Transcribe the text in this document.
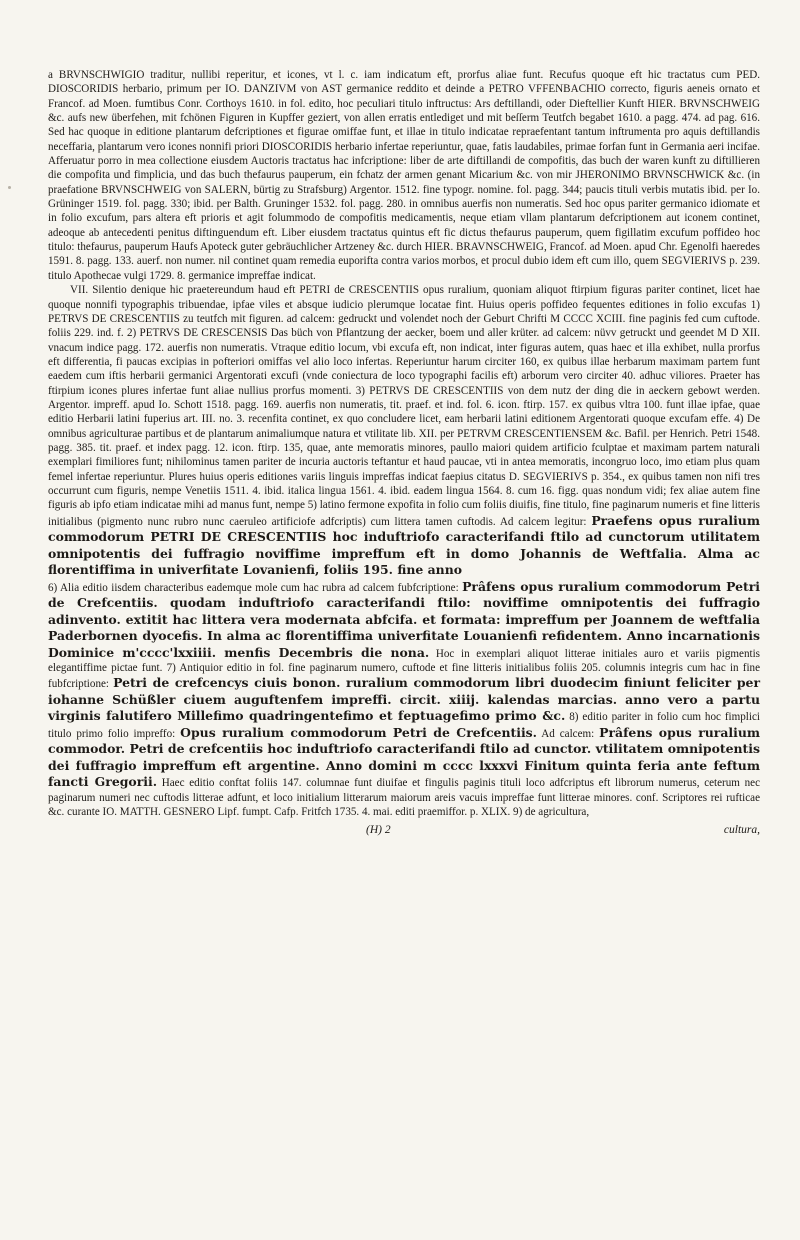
a BRVNSCHWIGIO traditur, nullibi reperitur, et icones, vt l. c. iam indicatum eft, prorfus aliae funt. Recufus quoque eft hic tractatus cum PED. DIOSCORIDIS herbario, primum per IO. DANZIVM von AST germanice reddito et deinde a PETRO VFFENBACHIO correcto, figuris aeneis ornato et Francof. ad Moen. fumtibus Conr. Corthoys 1610. in fol. edito, hoc peculiari titulo inftructus: Ars deftillandi, oder Dieftellier Kunft HIER. BRVNSCHWEIG &c. aufs new überfehen, mit fchönen Figuren in Kupffer geziert, von allen erratis entlediget und mit beſſerm Teutfch begabet 1610. a pagg. 474. ad pag. 616. Sed hac quoque in editione plantarum defcriptiones et figurae omiffae funt, et illae in titulo indicatae repraefentant tantum inftrumenta pro aquis deftillandis neceffaria, plantarum vero icones nonnifi priori DIOSCORIDIS herbario infertae reperiuntur, quae, fatis laudabiles, primae forfan funt in Germania aeri incifae. Afferuatur porro in mea collectione eiusdem Auctoris tractatus hac infcriptione: liber de arte diftillandi de compofitis, das buch der waren kunft zu diftillieren die compofita und fimplicia, und das buch thefaurus pauperum, ein fchatz der armen genant Micarium &c. von mir JHERONIMO BRVNSCHWICK &c. (in praefatione BRVNSCHWEIG von SALERN, bürtig zu Strafsburg) Argentor. 1512. fine typogr. nomine. fol. pagg. 344; paucis tituli verbis mutatis ibid. per Io. Grüninger 1519. fol. pagg. 330; ibid. per Balth. Gruninger 1532. fol. pagg. 280. in omnibus auerfis non numeratis. Sed hoc opus pariter germanico idiomate et in folio excufum, pars altera eft prioris et agit folummodo de compofitis medicamentis, neque etiam vllam plantarum defcriptionem aut iconem continet, adeoque ab antecedenti penitus diftinguendum eft. Liber eiusdem tractatus quintus eft fic dictus thefaurus pauperum, quem figillatim excufum poffideo hoc titulo: thefaurus, pauperum Haufs Apoteck guter gebräuchlicher Artzeney &c. durch HIER. BRAVNSCHWEIG, Francof. ad Moen. apud Chr. Egenolfi haeredes 1591. 8. pagg. 133. auerf. non numer. nil continet quam remedia euporifta contra varios morbos, et procul dubio idem eft cum illo, quem SEGVIERIVS p. 239. titulo Apothecae vulgi 1729. 8. germanice impreffae indicat.

VII. Silentio denique hic praetereundum haud eft PETRI de CRESCENTIIS opus ruralium, quoniam aliquot ftirpium figuras pariter continet, licet hae quoque nonnifi typographis tribuendae, ipfae viles et absque iudicio plerumque locatae fint. Huius operis poffideo fequentes editiones in folio excufas 1) PETRVS DE CRESCENTIIS zu teutfch mit figuren. ad calcem: gedruckt und volendet noch der Geburt Chrifti M CCCC XCIII. fine paginis fed cum cuftode. foliis 229. ind. f. 2) PETRVS DE CRESCENSIS Das büch von Pflantzung der aecker, boem und aller krüter. ad calcem: nüvv getruckt und geendet M D XII. vnacum indice pagg. 172. auerfis non numeratis. Vtraque editio locum, vbi excufa eft, non indicat, inter figuras autem, quas haec et illa exhibet, nulla prorfus eft differentia, fi paucas excipias in pofteriori omiffas vel alio loco infertas. Reperiuntur harum circiter 160, ex quibus illae herbarum maximam partem funt eaedem cum iftis herbarii germanici Argentorati excufi (vnde coniectura de loco typographi facilis eft) arborum vero circiter 40. adhuc viliores. Praeter has ftirpium icones plures infertae funt aliae nullius prorfus momenti. 3) PETRVS DE CRESCENTIIS von dem nutz der ding die in aeckern gebowt werden. Argentor. impreff. apud Io. Schott 1518. pagg. 169. auerfis non numeratis, tit. praef. et ind. fol. 6. icon. ftirp. 157. ex quibus vltra 100. funt illae ipfae, quae editio Herbarii latini fuperius art. III. no. 3. recenfita continet, ex quo concludere licet, eam herbarii latini editionem Argentorati quoque excufam effe. 4) De omnibus agriculturae partibus et de plantarum animaliumque natura et vtilitate lib. XII. per PETRVM CRESCENTIENSEM &c. Bafil. per Henrich. Petri 1548. pagg. 385. tit. praef. et index pagg. 12. icon. ftirp. 135, quae, ante memoratis minores, paullo maiori quidem artificio fculptae et maximam partem naturali exemplari fimiliores funt; nihilominus tamen pariter de incuria auctoris teftantur et haud paucae, vti in antea memoratis, incongruo loco, imo etiam plus quam femel infertae reperiuntur. Plures huius operis editiones variis linguis impreffas indicat faepius citatus D. SEGVIERIVS p. 354., ex quibus tamen non nifi tres occurrunt cum figuris, nempe Venetiis 1511. 4. ibid. italica lingua 1561. 4. ibid. eadem lingua 1564. 8. cum 16. figg. quas nondum vidi; fex aliae autem fine figuris ab ipfo etiam indicatae mihi ad manus funt, nempe 5) latino fermone expofita in folio cum foliis diuifis, fine titulo, fine paginarum numeris et fine litteris initialibus (pigmento nunc rubro nunc caeruleo artificiofe adfcriptis) cum littera tamen cuftodis. Ad calcem legitur: Praefens opus ruralium commodorum PETRI DE CRESCENTIIS hoc induftriofo caracterifandi ftilo ad cunctorum utilitatem omnipotentis dei fuffragio noviffime impreffum eft in domo Johannis de Weftfalia. Alma ac florentiffima in univerfitate Lovanienfi, foliis 195. fine anno

6) Alia editio iisdem characteribus eademque mole cum hac rubra ad calcem fubfcriptione: Prâfens opus ruralium commodorum Petri de Crefcentiis. quodam induftriofo caracterifandi ftilo: noviffime omnipotentis dei fuffragio adinvento. extitit hac littera vera modernata abfcifa. et formata: impreffum per Joannem de weftfalia Paderbornen dyocefis. In alma ac florentiffima univerfitate Louanienfi refidentem. Anno incarnationis Dominice m'cccc'lxxiiii. menfis Decembris die nona. Hoc in exemplari aliquot litterae initiales auro et variis pigmentis elegantiffime pictae funt. 7) Antiquior editio in fol. fine paginarum numero, cuftode et fine litteris initialibus foliis 205. columnis integris cum hac in fine fubfcriptione: Petri de crefcencys ciuis bonon. ruralium commodorum libri duodecim finiunt feliciter per iohanne Schüßler ciuem auguftenfem impreffi. circit. xiiij. kalendas marcias. anno vero a partu virginis falutifero Millefimo quadringentefimo et feptuagefimo primo &c. 8) editio pariter in folio cum hoc fimplici titulo primo folio impreffo: Opus ruralium commodorum Petri de Crefcentiis. Ad calcem: Prâfens opus ruralium commodor. Petri de crefcentiis hoc induftriofo caracterifandi ftilo ad cunctor. vtilitatem omnipotentis dei fuffragio impreffum eft argentine. Anno domini m cccc lxxxvi Finitum quinta feria ante feftum fancti Gregorii. Haec editio conftat foliis 147. columnae funt diuifae et fingulis paginis tituli loco adfcriptus eft librorum numerus, ceterum nec paginarum numeri nec cuftodis litterae adfunt, et loco initialium litterarum maiorum areis vacuis impreffae funt litterae minores. conf. Scriptores rei rufticae &c. curante IO. MATTH. GESNERO Lipf. fumpt. Cafp. Fritfch 1735. 4. mai. editi praemiffor. p. XLIX. 9) de agricultura,

(H) 2	cultura,
